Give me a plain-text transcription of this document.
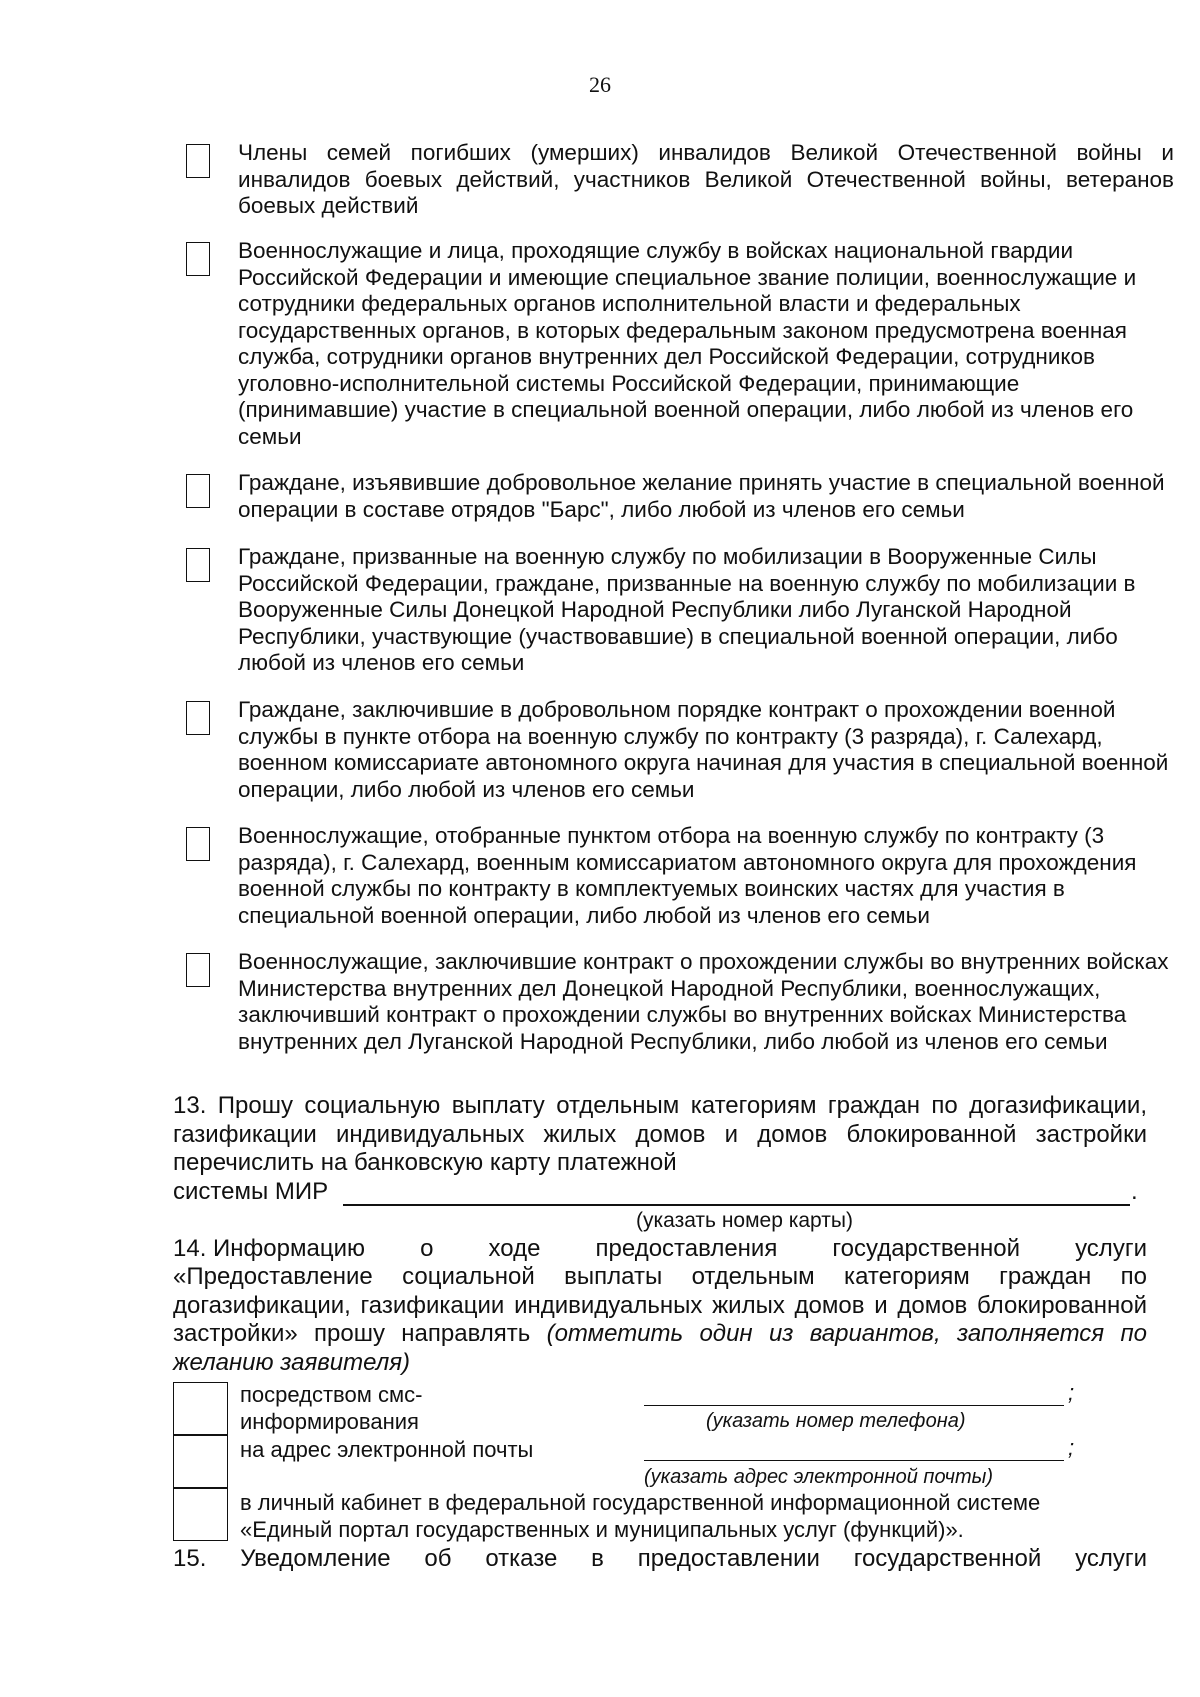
26
Члены семей погибших (умерших) инвалидов Великой Отечественной войны и инвалидов боевых действий, участников Великой Отечественной войны, ветеранов боевых действий
Военнослужащие и лица, проходящие службу в войсках национальной гвардии Российской Федерации и имеющие специальное звание полиции, военнослужащие и сотрудники федеральных органов исполнительной власти и федеральных государственных органов, в которых федеральным законом предусмотрена военная служба, сотрудники органов внутренних дел Российской Федерации, сотрудников уголовно-исполнительной системы Российской Федерации, принимающие (принимавшие) участие в специальной военной операции, либо любой из членов его семьи
Граждане, изъявившие добровольное желание принять участие в специальной военной операции в составе отрядов "Барс", либо любой из членов его семьи
Граждане, призванные на военную службу по мобилизации в Вооруженные Силы Российской Федерации, граждане, призванные на военную службу по мобилизации в Вооруженные Силы Донецкой Народной Республики либо Луганской Народной Республики, участвующие (участвовавшие) в специальной военной операции, либо любой из членов его семьи
Граждане, заключившие в добровольном порядке контракт о прохождении военной службы в пункте отбора на военную службу по контракту (3 разряда), г. Салехард, военном комиссариате автономного округа начиная для участия в специальной военной операции, либо любой из членов его семьи
Военнослужащие, отобранные пунктом отбора на военную службу по контракту (3 разряда), г. Салехард, военным комиссариатом автономного округа для прохождения военной службы по контракту в комплектуемых воинских частях для участия в специальной военной операции, либо любой из членов его семьи
Военнослужащие, заключившие контракт о прохождении службы во внутренних войсках Министерства внутренних дел Донецкой Народной Республики, военнослужащих, заключивший контракт о прохождении службы во внутренних войсках Министерства внутренних дел Луганской Народной Республики, либо любой из членов его семьи
13. Прошу социальную выплату отдельным категориям граждан по догазификации, газификации индивидуальных жилых домов и домов блокированной застройки перечислить на банковскую карту платежной
системы МИР	.
(указать номер карты)
14. Информацию о ходе предоставления государственной услуги
«Предоставление социальной выплаты отдельным категориям граждан по догазификации, газификации индивидуальных жилых домов и домов блокированной застройки» прошу направлять (отметить один из вариантов, заполняется по желанию заявителя)
посредством смс-
информирования
;
(указать номер телефона)
на адрес электронной почты	;
(указать адрес электронной почты)
в личный кабинет в федеральной государственной информационной системе
«Единый портал государственных и муниципальных услуг (функций)».
15. Уведомление об отказе в предоставлении государственной услуги
